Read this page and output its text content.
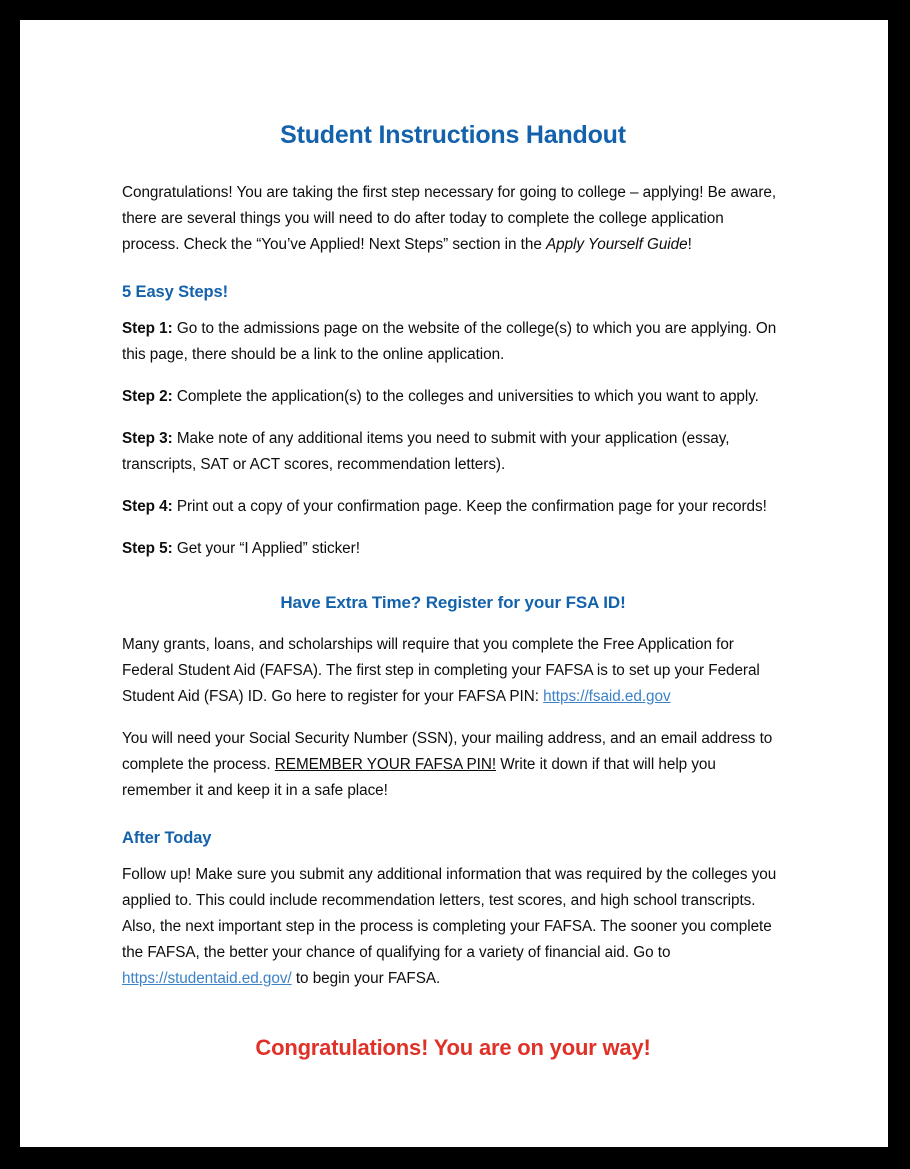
Student Instructions Handout

Congratulations! You are taking the first step necessary for going to college – applying! Be aware, there are several things you will need to do after today to complete the college application process. Check the “You’ve Applied! Next Steps” section in the Apply Yourself Guide!

5 Easy Steps!

Step 1: Go to the admissions page on the website of the college(s) to which you are applying. On this page, there should be a link to the online application.

Step 2: Complete the application(s) to the colleges and universities to which you want to apply.

Step 3: Make note of any additional items you need to submit with your application (essay, transcripts, SAT or ACT scores, recommendation letters).

Step 4: Print out a copy of your confirmation page. Keep the confirmation page for your records!

Step 5: Get your “I Applied” sticker!

Have Extra Time? Register for your FSA ID!

Many grants, loans, and scholarships will require that you complete the Free Application for Federal Student Aid (FAFSA). The first step in completing your FAFSA is to set up your Federal Student Aid (FSA) ID. Go here to register for your FAFSA PIN: https://fsaid.ed.gov

You will need your Social Security Number (SSN), your mailing address, and an email address to complete the process. REMEMBER YOUR FAFSA PIN! Write it down if that will help you remember it and keep it in a safe place!

After Today

Follow up! Make sure you submit any additional information that was required by the colleges you applied to. This could include recommendation letters, test scores, and high school transcripts. Also, the next important step in the process is completing your FAFSA. The sooner you complete the FAFSA, the better your chance of qualifying for a variety of financial aid. Go to https://studentaid.ed.gov/ to begin your FAFSA.

Congratulations! You are on your way!
